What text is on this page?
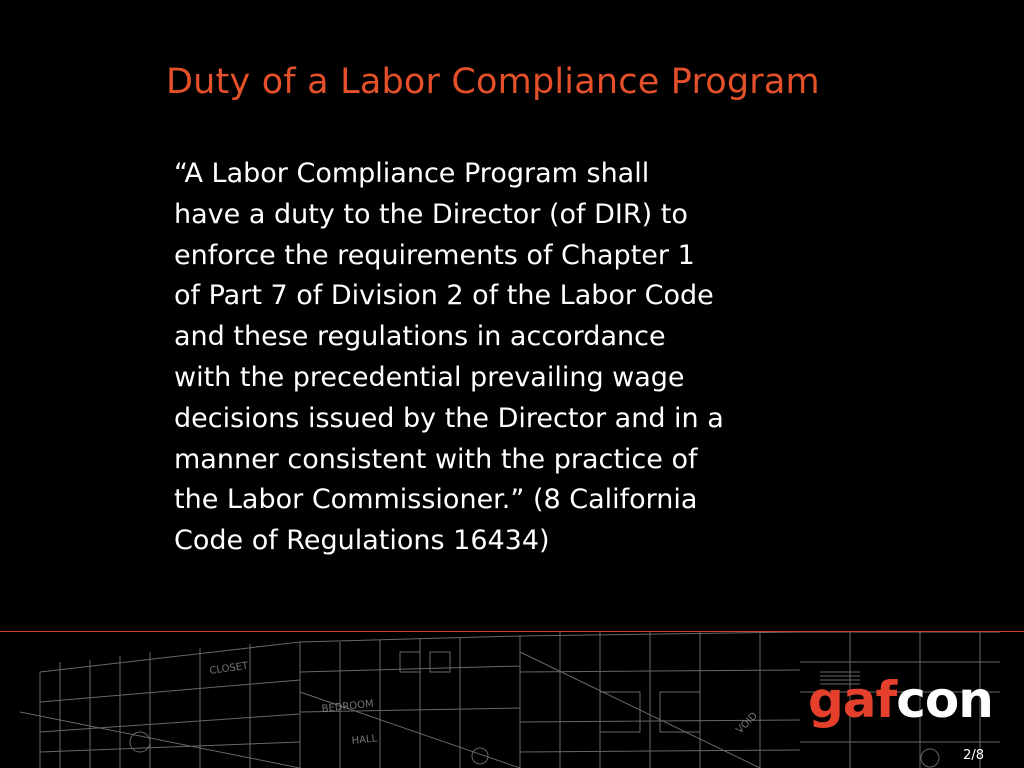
Duty of a Labor Compliance Program
“A Labor Compliance Program shall
have a duty to the Director (of DIR) to
enforce the requirements of Chapter 1
of Part 7 of Division 2 of the Labor Code
and these regulations in accordance
with the precedential prevailing wage
decisions issued by the Director and in a
manner consistent with the practice of
the Labor Commissioner.” (8 California
Code of Regulations 16434)
CLOSET
BEDROOM
HALL
VOID gafcon
2/8
